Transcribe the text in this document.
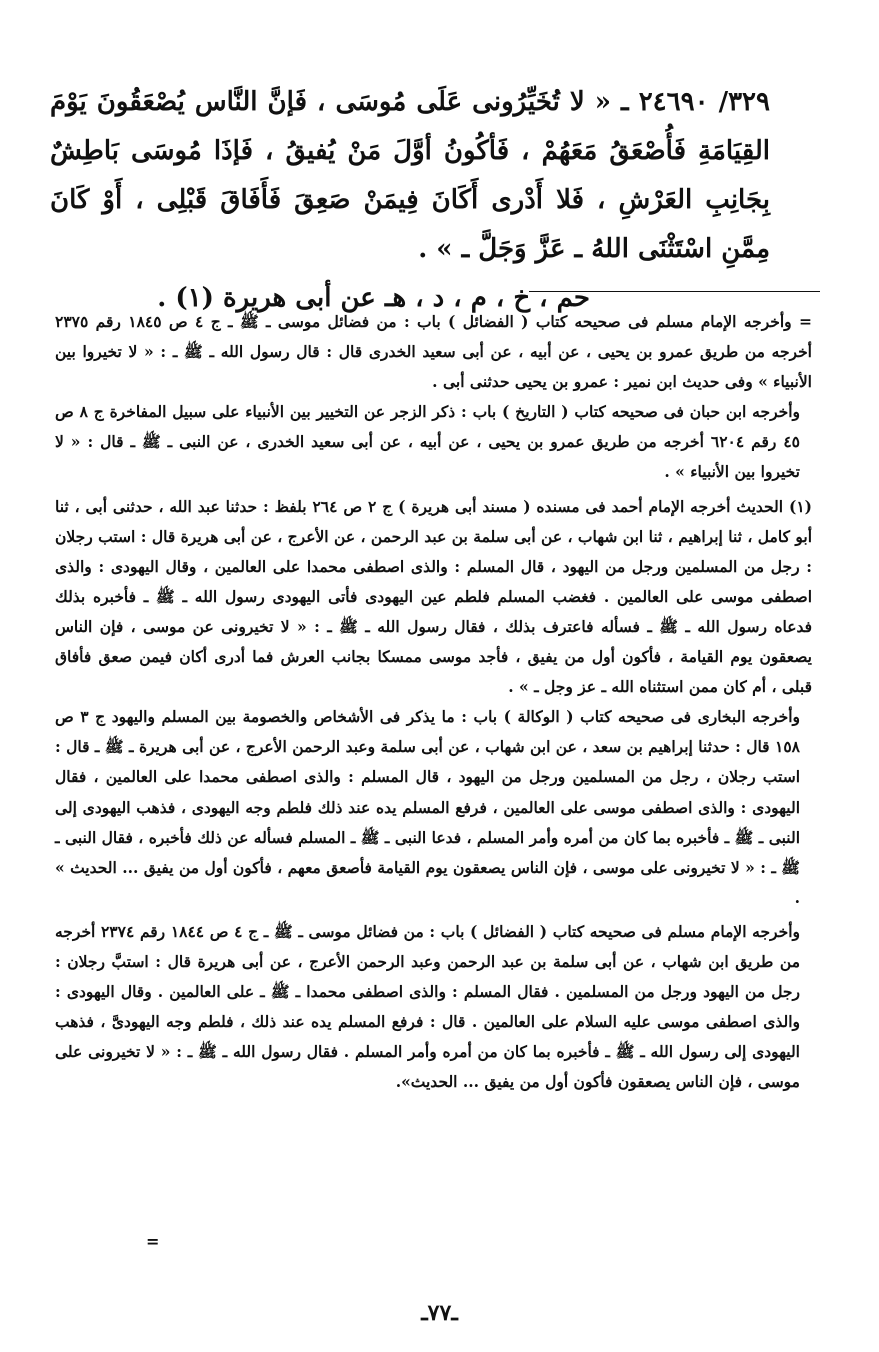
٣٢٩/ ٢٤٦٩٠ ـ « لا تُخَيِّرُونى عَلَى مُوسَى ، فَإنَّ النَّاس يُصْعَقُونَ يَوْمَ القِيَامَةِ فَأُصْعَقُ مَعَهُمْ ، فَأكُونُ أوَّلَ مَنْ يُفيقُ ، فَإذَا مُوسَى بَاطِشٌ بِجَانِبِ العَرْشِ ، فَلا أَدْرى أَكَانَ فِيمَنْ صَعِقَ فَأَفَاقَ قَبْلِى ، أَوْ كَانَ مِمَّنِ اسْتَثْنَى اللهُ ـ عَزَّ وَجَلَّ ـ » .

حم ، خ ، م ، د ، هـ عن أبى هريرة (١) .

= وأخرجه الإمام مسلم فى صحيحه كتاب ( الفضائل ) باب : من فضائل موسى ـ ﷺ ـ ج ٤ ص ١٨٤٥ رقم ٢٣٧٥ أخرجه من طريق عمرو بن يحيى ، عن أبيه ، عن أبى سعيد الخدرى قال : قال رسول الله ـ ﷺ ـ : « لا تخيروا بين الأنبياء » وفى حديث ابن نمير : عمرو بن يحيى حدثنى أبى .

وأخرجه ابن حبان فى صحيحه كتاب ( التاريخ ) باب : ذكر الزجر عن التخيير بين الأنبياء على سبيل المفاخرة ج ٨ ص ٤٥ رقم ٦٢٠٤ أخرجه من طريق عمرو بن يحيى ، عن أبيه ، عن أبى سعيد الخدرى ، عن النبى ـ ﷺ ـ قال : « لا تخيروا بين الأنبياء » .

(١) الحديث أخرجه الإمام أحمد فى مسنده ( مسند أبى هريرة ) ج ٢ ص ٢٦٤ بلفظ : حدثنا عبد الله ، حدثنى أبى ، ثنا أبو كامل ، ثنا إبراهيم ، ثنا ابن شهاب ، عن أبى سلمة بن عبد الرحمن ، عن الأعرج ، عن أبى هريرة قال : استب رجلان : رجل من المسلمين ورجل من اليهود ، قال المسلم : والذى اصطفى محمدا على العالمين ، وقال اليهودى : والذى اصطفى موسى على العالمين . فغضب المسلم فلطم عين اليهودى فأتى اليهودى رسول الله ـ ﷺ ـ فأخبره بذلك فدعاه رسول الله ـ ﷺ ـ فسأله فاعترف بذلك ، فقال رسول الله ـ ﷺ ـ : « لا تخيرونى عن موسى ، فإن الناس يصعقون يوم القيامة ، فأكون أول من يفيق ، فأجد موسى ممسكا بجانب العرش فما أدرى أكان فيمن صعق فأفاق قبلى ، أم كان ممن استثناه الله ـ عز وجل ـ » .

وأخرجه البخارى فى صحيحه كتاب ( الوكالة ) باب : ما يذكر فى الأشخاص والخصومة بين المسلم واليهود ج ٣ ص ١٥٨ قال : حدثنا إبراهيم بن سعد ، عن ابن شهاب ، عن أبى سلمة وعبد الرحمن الأعرج ، عن أبى هريرة ـ ﷺ ـ قال : استب رجلان ، رجل من المسلمين ورجل من اليهود ، قال المسلم : والذى اصطفى محمدا على العالمين ، فقال اليهودى : والذى اصطفى موسى على العالمين ، فرفع المسلم يده عند ذلك فلطم وجه اليهودى ، فذهب اليهودى إلى النبى ـ ﷺ ـ فأخبره بما كان من أمره وأمر المسلم ، فدعا النبى ـ ﷺ ـ المسلم فسأله عن ذلك فأخبره ، فقال النبى ـ ﷺ ـ : « لا تخيرونى على موسى ، فإن الناس يصعقون يوم القيامة فأصعق معهم ، فأكون أول من يفيق ... الحديث » .

وأخرجه الإمام مسلم فى صحيحه كتاب ( الفضائل ) باب : من فضائل موسى ـ ﷺ ـ ج ٤ ص ١٨٤٤ رقم ٢٣٧٤ أخرجه من طريق ابن شهاب ، عن أبى سلمة بن عبد الرحمن وعبد الرحمن الأعرج ، عن أبى هريرة قال : استبَّ رجلان : رجل من اليهود ورجل من المسلمين . فقال المسلم : والذى اصطفى محمدا ـ ﷺ ـ على العالمين . وقال اليهودى : والذى اصطفى موسى عليه السلام على العالمين . قال : فرفع المسلم يده عند ذلك ، فلطم وجه اليهودىَّ ، فذهب اليهودى إلى رسول الله ـ ﷺ ـ فأخبره بما كان من أمره وأمر المسلم . فقال رسول الله ـ ﷺ ـ : « لا تخيرونى على موسى ، فإن الناس يصعقون فأكون أول من يفيق ... الحديث».

=
ـ٧٧ـ
